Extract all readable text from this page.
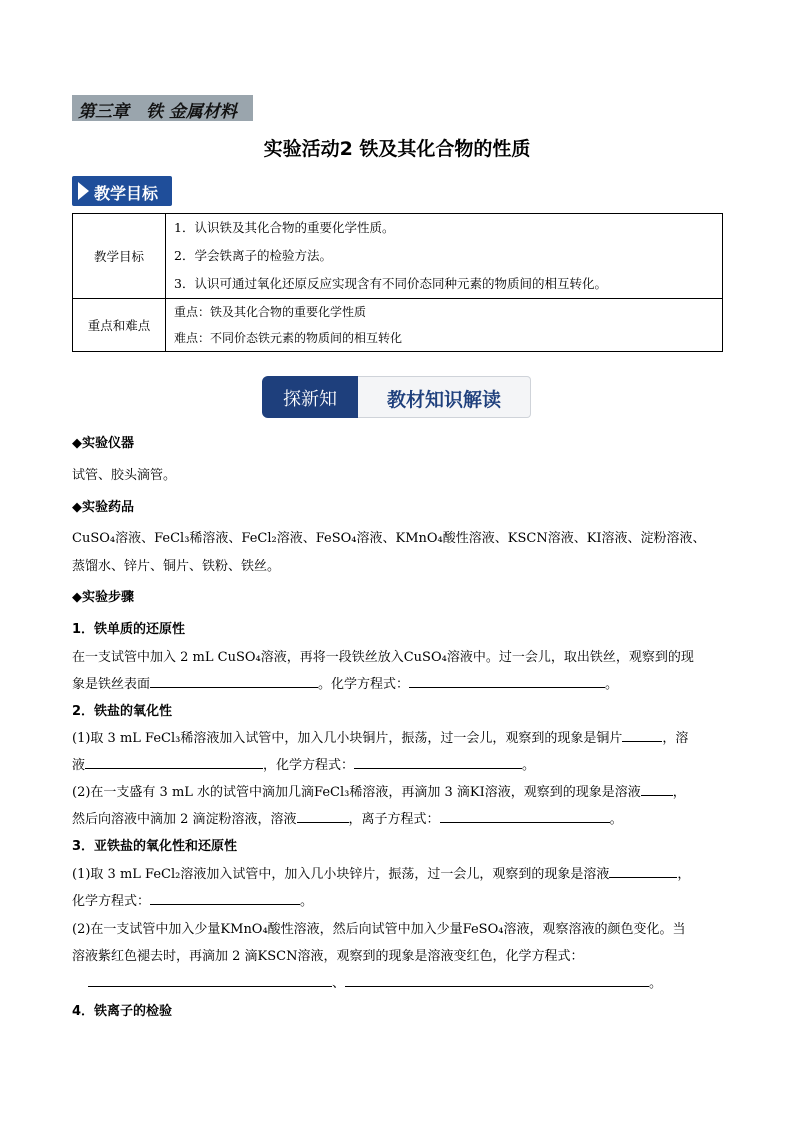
第三章　铁 金属材料
实验活动2 铁及其化合物的性质
教学目标
教学目标	1．认识铁及其化合物的重要化学性质。
2．学会铁离子的检验方法。
3．认识可通过氧化还原反应实现含有不同价态同种元素的物质间的相互转化。

重点和难点	重点：铁及其化合物的重要化学性质
难点：不同价态铁元素的物质间的相互转化
探新知	教材知识解读
◆实验仪器
试管、胶头滴管。
◆实验药品
CuSO₄溶液、FeCl₃稀溶液、FeCl₂溶液、FeSO₄溶液、KMnO₄酸性溶液、KSCN溶液、KI溶液、淀粉溶液、
蒸馏水、锌片、铜片、铁粉、铁丝。
◆实验步骤
1．铁单质的还原性
在一支试管中加入 2 mL CuSO₄溶液，再将一段铁丝放入CuSO₄溶液中。过一会儿，取出铁丝，观察到的现
象是铁丝表面	。化学方程式：	。
2．铁盐的氧化性
(1)取 3 mL FeCl₃稀溶液加入试管中，加入几小块铜片，振荡，过一会儿，观察到的现象是铜片	，溶
液	，化学方程式：	。
(2)在一支盛有 3 mL 水的试管中滴加几滴FeCl₃稀溶液，再滴加 3 滴KI溶液，观察到的现象是溶液 ，
然后向溶液中滴加 2 滴淀粉溶液，溶液	，离子方程式：	。
3．亚铁盐的氧化性和还原性
(1)取 3 mL FeCl₂溶液加入试管中，加入几小块锌片，振荡，过一会儿，观察到的现象是溶液	，
化学方程式：	。
(2)在一支试管中加入少量KMnO₄酸性溶液，然后向试管中加入少量FeSO₄溶液，观察溶液的颜色变化。当
溶液紫红色褪去时，再滴加 2 滴KSCN溶液，观察到的现象是溶液变红色，化学方程式：
、	。
4．铁离子的检验
